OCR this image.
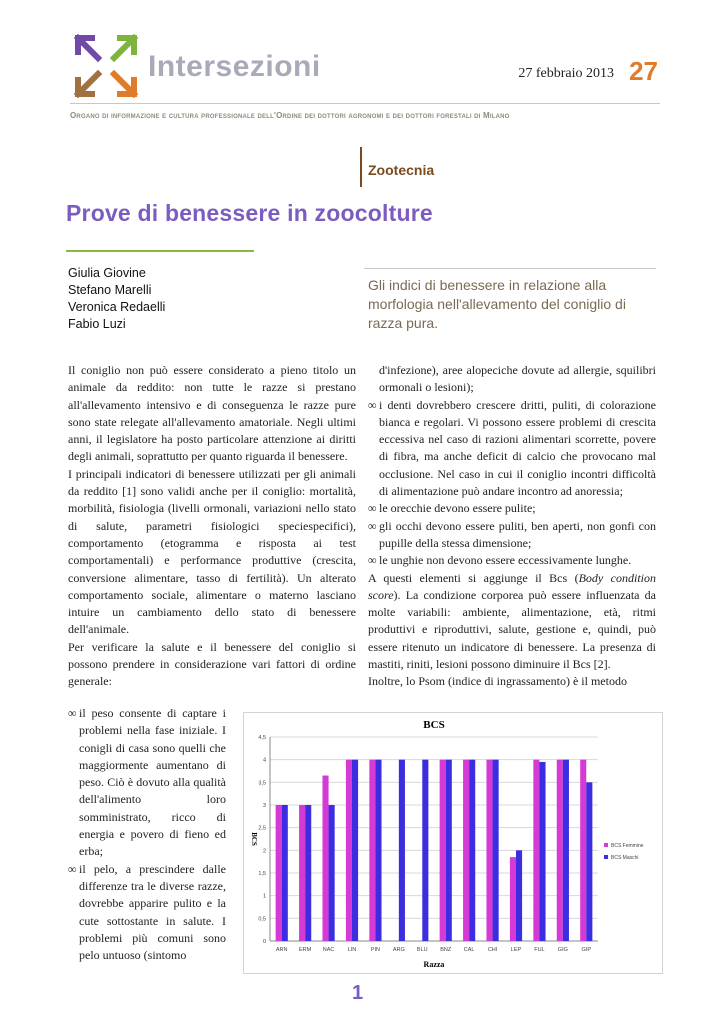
Intersezioni	27 febbraio 2013 27
Organo di informazione e cultura professionale dell'Ordine dei dottori agronomi e dei dottori forestali di Milano
Zootecnia
Prove di benessere in zoocolture
Giulia Giovine
Stefano Marelli
Veronica Redaelli
Fabio Luzi
Gli indici di benessere in relazione alla morfologia nell'allevamento del coniglio di razza pura.

Il coniglio non può essere considerato a pieno titolo un animale da reddito: non tutte le razze si prestano all'allevamento intensivo e di conseguenza le razze pure sono state relegate all'allevamento amatoriale. Negli ultimi anni, il legislatore ha posto particolare attenzione ai diritti degli animali, soprattutto per quanto riguarda il benessere.

I principali indicatori di benessere utilizzati per gli animali da reddito [1] sono validi anche per il coniglio: mortalità, morbilità, fisiologia (livelli ormonali, variazioni nello stato di salute, parametri fisiologici speciespecifici), comportamento (etogramma e risposta ai test comportamentali) e performance produttive (crescita, conversione alimentare, tasso di fertilità). Un alterato comportamento sociale, alimentare o materno lasciano intuire un cambiamento dello stato di benessere dell'animale.

Per verificare la salute e il benessere del coniglio si possono prendere in considerazione vari fattori di ordine generale:

∞ il peso consente di captare i problemi nella fase iniziale. I conigli di casa sono quelli che maggiormente aumentano di peso. Ciò è dovuto alla qualità dell'alimento loro somministrato, ricco di energia e povero di fieno ed erba;

∞ il pelo, a prescindere dalle differenze tra le diverse razze, dovrebbe apparire pulito e la cute sottostante in salute. I problemi più comuni sono pelo untuoso (sintomo

d'infezione), aree alopeciche dovute ad allergie, squilibri ormonali o lesioni);

∞ i denti dovrebbero crescere dritti, puliti, di colorazione bianca e regolari. Vi possono essere problemi di crescita eccessiva nel caso di razioni alimentari scorrette, povere di fibra, ma anche deficit di calcio che provocano mal occlusione. Nel caso in cui il coniglio incontri difficoltà di alimentazione può andare incontro ad anoressia;

∞ le orecchie devono essere pulite;

∞ gli occhi devono essere puliti, ben aperti, non gonfi con pupille della stessa dimensione;

∞ le unghie non devono essere eccessivamente lunghe.

A questi elementi si aggiunge il Bcs (Body condition score). La condizione corporea può essere influenzata da molte variabili: ambiente, alimentazione, età, ritmi produttivi e riproduttivi, salute, gestione e, quindi, può essere ritenuto un indicatore di benessere. La presenza di mastiti, riniti, lesioni possono diminuire il Bcs [2].

Inoltre, lo Psom (indice di ingrassamento) è il metodo

BCS
0
0,5
1
1,5
2
2,5
3
3,5
4
4,5
ARN ERM NAC LIN	PIN ARG BLU BNZ CAL CHI LEP FUL GIG GIP
Razza
BCS
BCS Femmine
BCS Maschi
1
